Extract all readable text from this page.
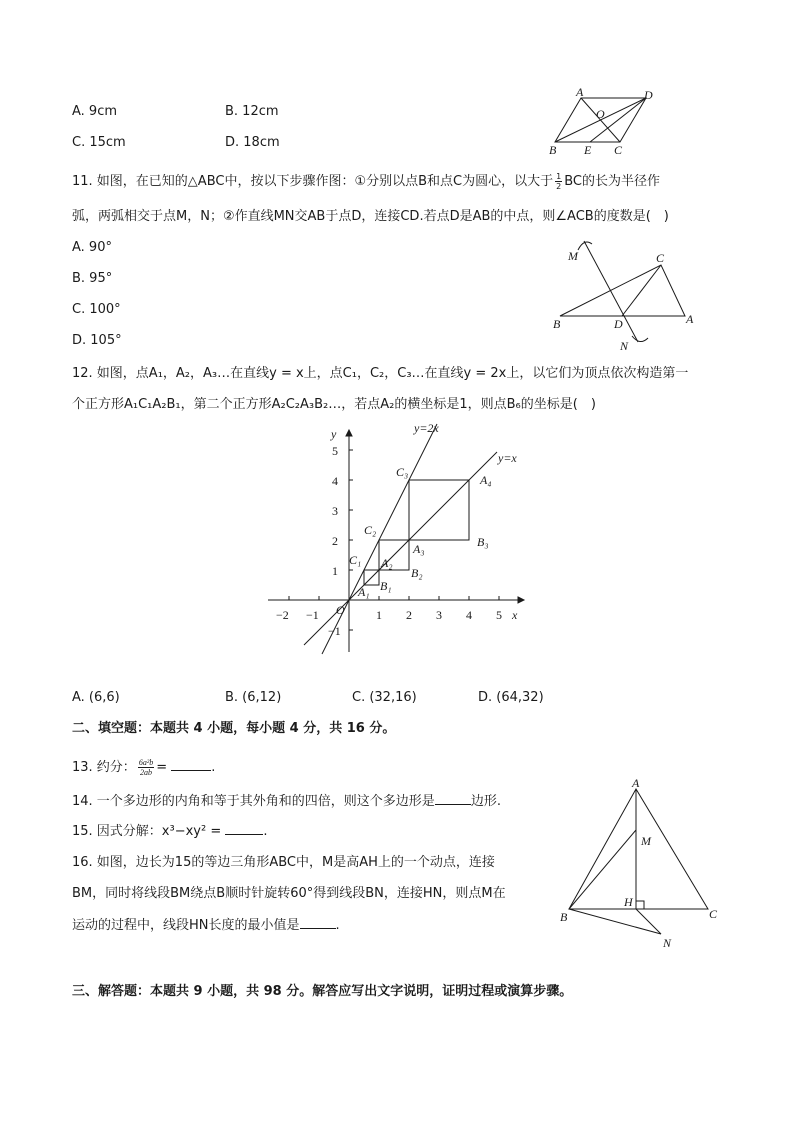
A. 9cm	B. 12cm
C. 15cm	D. 18cm
A	D
O
B E C
11. 如图，在已知的△ABC中，按以下步骤作图：①分别以点B和点C为圆心，以大于 $\frac{1}{2}$ BC的长为半径作
弧，两弧相交于点M，N；②作直线MN交AB于点D，连接CD.若点D是AB的中点，则∠ACB的度数是(　)
A. 90°
B. 95°
C. 100°
D. 105°
M	C
B	D	A
N
12. 如图，点A₁，A₂，A₃…在直线y = x上，点C₁，C₂，C₃…在直线y = 2x上，以它们为顶点依次构造第一
个正方形A₁C₁A₂B₁，第二个正方形A₂C₂A₃B₂…，若点A₂的横坐标是1，则点B₆的坐标是(　)
y=2x
y=x
y
x
O
−2 −1	1 2 3 4 5
5
4
3
2
1
−1
C₃
A₄
C₂
A₃	B₃
C₁ A₂
B₂
A₁ B₁
A. (6,6)	B. (6,12)	C. (32,16)	D. (64,32)
二、填空题：本题共 4 小题，每小题 4 分，共 16 分。
13. 约分： $\frac{\text{6a²b}}{2ab}$ =	.
14. 一个多边形的内角和等于其外角和的四倍，则这个多边形是	边形.
15. 因式分解：x³−xy² =	.
16. 如图，边长为15的等边三角形ABC中，M是高AH上的一个动点，连接
BM，同时将线段BM绕点B顺时针旋转60°得到线段BN，连接HN，则点M在
运动的过程中，线段HN长度的最小值是	.
A
M
H
B	C
N
三、解答题：本题共 9 小题，共 98 分。解答应写出文字说明，证明过程或演算步骤。
